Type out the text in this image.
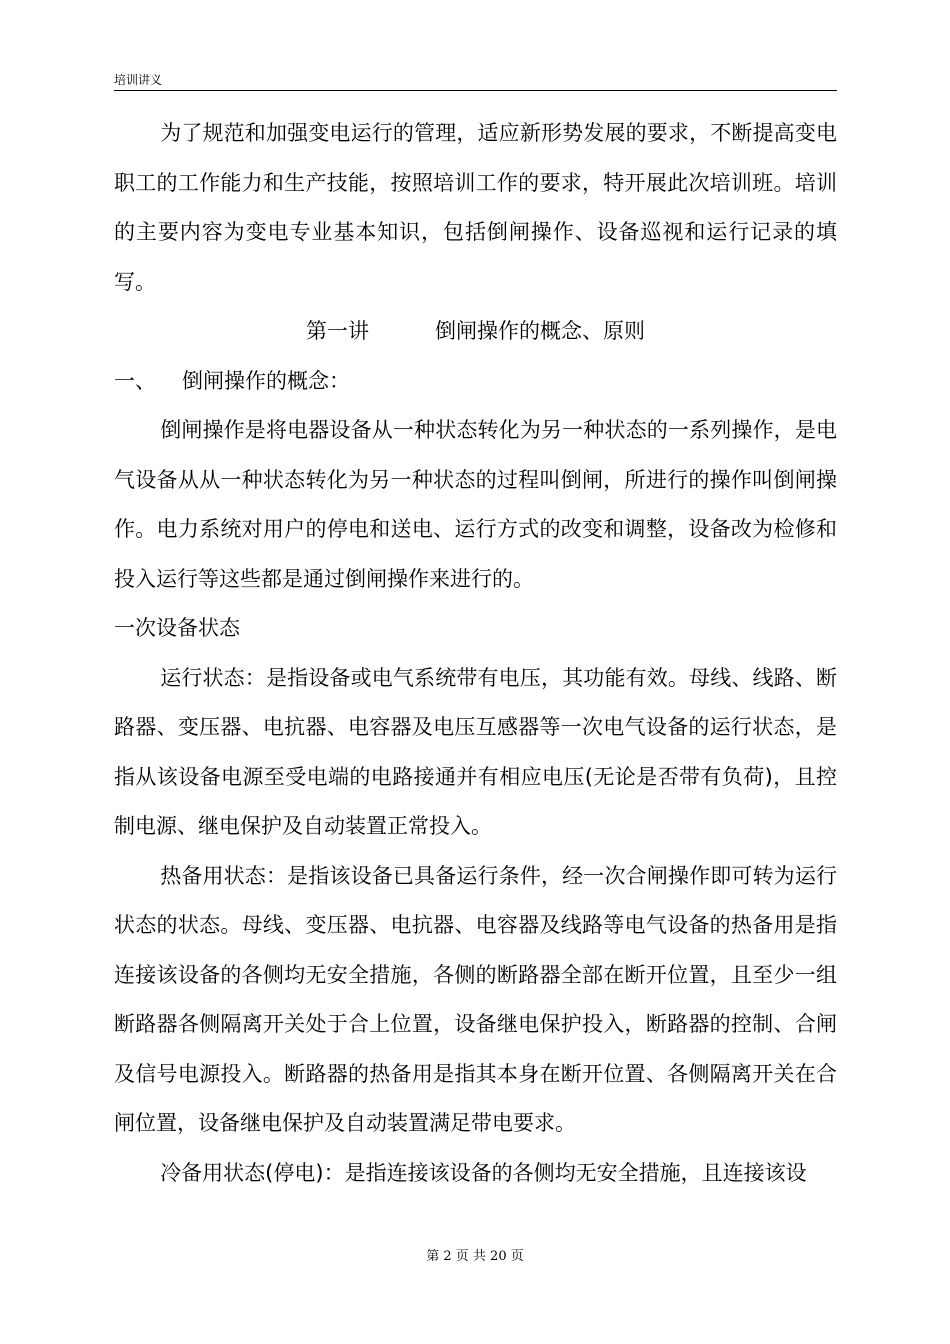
培训讲义

为了规范和加强变电运行的管理，适应新形势发展的要求，不断提高变电职工的工作能力和生产技能，按照培训工作的要求，特开展此次培训班。培训的主要内容为变电专业基本知识，包括倒闸操作、设备巡视和运行记录的填写。

第一讲	倒闸操作的概念、原则

一、 倒闸操作的概念：

倒闸操作是将电器设备从一种状态转化为另一种状态的一系列操作，是电气设备从从一种状态转化为另一种状态的过程叫倒闸，所进行的操作叫倒闸操作。电力系统对用户的停电和送电、运行方式的改变和调整，设备改为检修和投入运行等这些都是通过倒闸操作来进行的。

一次设备状态

运行状态：是指设备或电气系统带有电压，其功能有效。母线、线路、断路器、变压器、电抗器、电容器及电压互感器等一次电气设备的运行状态，是指从该设备电源至受电端的电路接通并有相应电压(无论是否带有负荷)，且控制电源、继电保护及自动装置正常投入。

热备用状态：是指该设备已具备运行条件，经一次合闸操作即可转为运行状态的状态。母线、变压器、电抗器、电容器及线路等电气设备的热备用是指连接该设备的各侧均无安全措施，各侧的断路器全部在断开位置，且至少一组断路器各侧隔离开关处于合上位置，设备继电保护投入，断路器的控制、合闸及信号电源投入。断路器的热备用是指其本身在断开位置、各侧隔离开关在合闸位置，设备继电保护及自动装置满足带电要求。

冷备用状态(停电)：是指连接该设备的各侧均无安全措施，且连接该设

第 2 页 共 20 页
